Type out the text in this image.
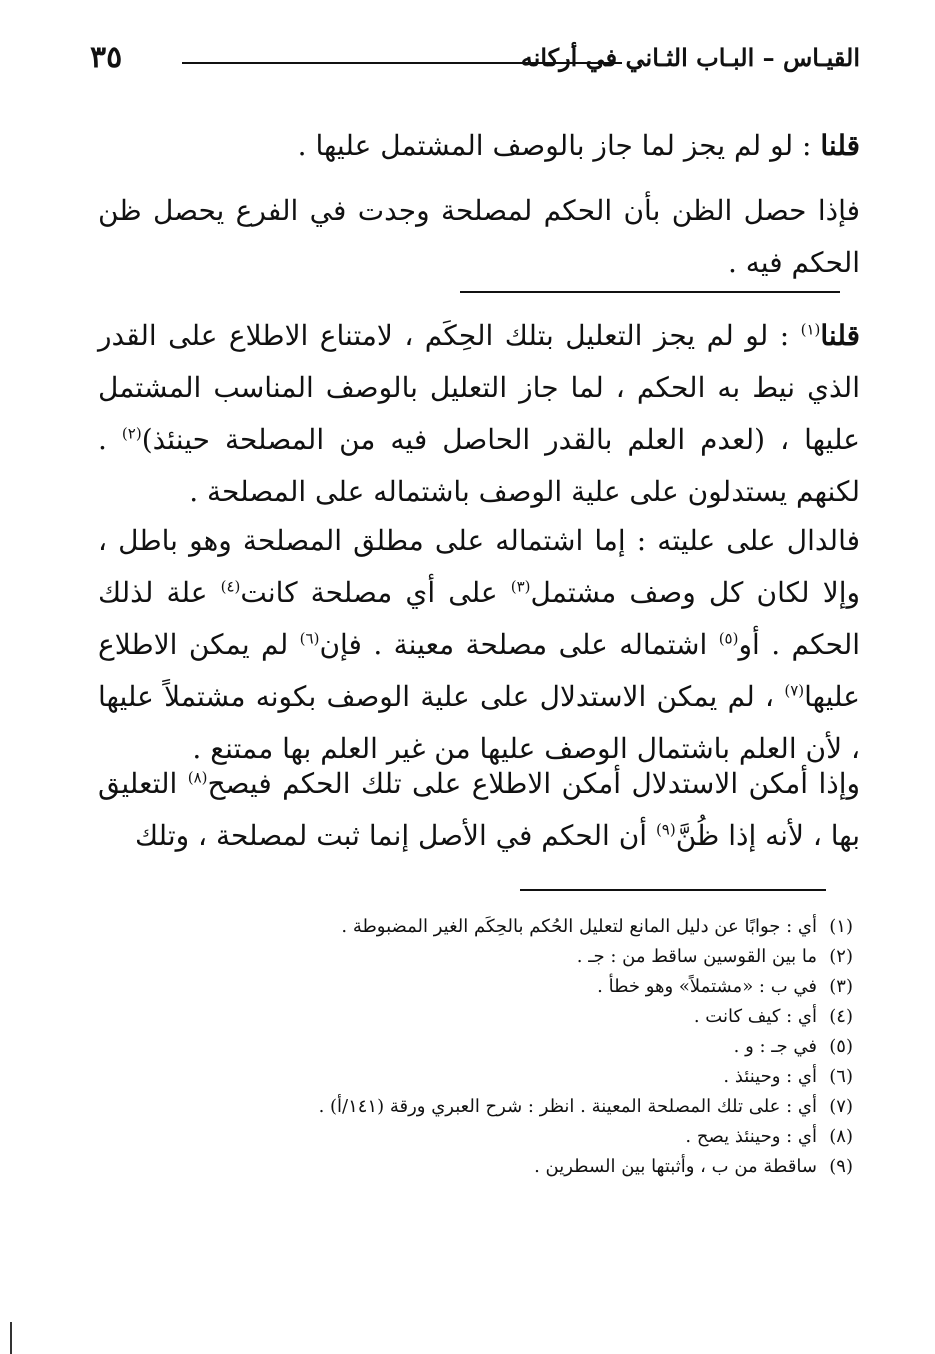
٣٥	القيـاس – البـاب الثـاني في أركانه

قلنا : لو لم يجز لما جاز بالوصف المشتمل عليها .

فإذا حصل الظن بأن الحكم لمصلحة وجدت في الفرع يحصل ظن الحكم فيه .

قلنا$^{(١)}$ : لو لم يجز التعليل بتلك الحِكَم ، لامتناع الاطلاع على القدر الذي نيط به الحكم ، لما جاز التعليل بالوصف المناسب المشتمل عليها ، (لعدم العلم بالقدر الحاصل فيه من المصلحة حينئذ)$^{(٢)}$ . لكنهم يستدلون على علية الوصف باشتماله على المصلحة .

فالدال على عليته : إما اشتماله على مطلق المصلحة وهو باطل ، وإلا لكان كل وصف مشتمل$^{(٣)}$ على أي مصلحة كانت$^{(٤)}$ علة لذلك الحكم . أو$^{(٥)}$ اشتماله على مصلحة معينة . فإن$^{(٦)}$ لم يمكن الاطلاع عليها$^{(٧)}$ ، لم يمكن الاستدلال على علية الوصف بكونه مشتملاً عليها ، لأن العلم باشتمال الوصف عليها من غير العلم بها ممتنع .

وإذا أمكن الاستدلال أمكن الاطلاع على تلك الحكم فيصح$^{(٨)}$ التعليق بها ، لأنه إذا ظُنَّ$^{(٩)}$ أن الحكم في الأصل إنما ثبت لمصلحة ، وتلك

(١)أي : جوابًا عن دليل المانع لتعليل الحُكم بالحِكَم الغير المضبوطة .
(٢)ما بين القوسين ساقط من : جـ .
(٣)في ب : «مشتملاً» وهو خطأ .
(٤)أي : كيف كانت .
(٥)في جـ : و .
(٦)أي : وحينئذ .
(٧)أي : على تلك المصلحة المعينة . انظر : شرح العبري ورقة (١٤١/أ) .
(٨)أي : وحينئذ يصح .
(٩)ساقطة من ب ، وأثبتها بين السطرين .
